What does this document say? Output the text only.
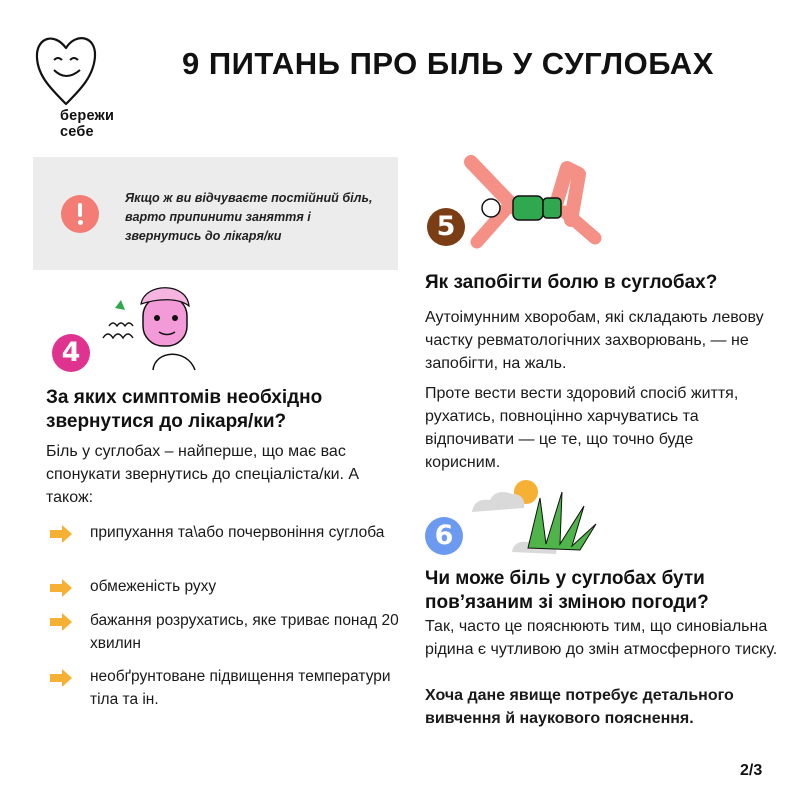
бережи
себе
9 ПИТАНЬ ПРО БІЛЬ У СУГЛОБАХ
Якщо ж ви відчуваєте постійний біль, варто припинити заняття і звернутись до лікаря/ки	5
4
6
За яких симптомів необхідно звернутися до лікаря/ки?
Біль у суглобах – найперше, що має вас спонукати звернутись до спеціаліста/ки. А також:
припухання та\або почервоніння суглоба
обмеженість руху
бажання розрухатись, яке триває понад 20 хвилин
необґрунтоване підвищення температури тіла та ін.
Як запобігти болю в суглобах?
Аутоімунним хворобам, які складають левову частку ревматологічних захворювань, — не запобігти, на жаль.
Проте вести вести здоровий спосіб життя, рухатись, повноцінно харчуватись та відпочивати — це те, що точно буде корисним.
Чи може біль у суглобах бути пов’язаним зі зміною погоди?
Так, часто це пояснюють тим, що синовіальна рідина є чутливою до змін атмосферного тиску.
Хоча дане явище потребує детального вивчення й наукового пояснення.
2/3
